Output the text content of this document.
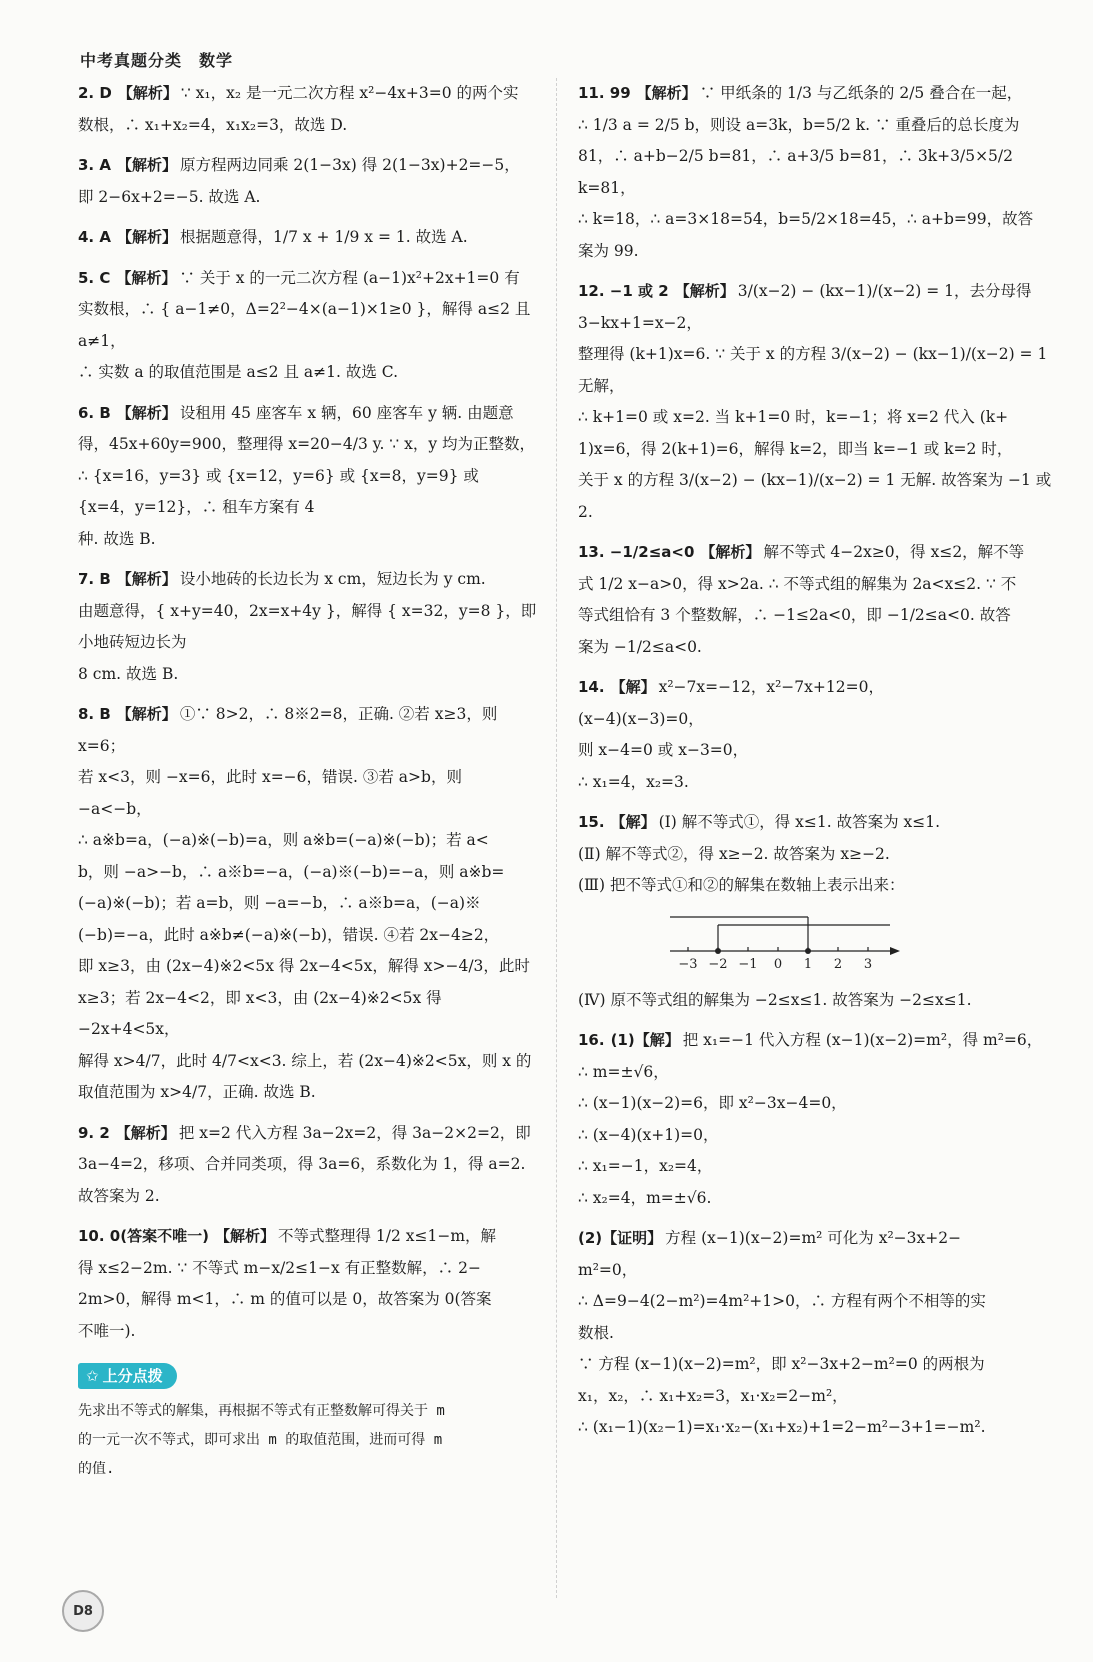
中考真题分类　数学
2. D 【解析】 ∵ x₁，x₂ 是一元二次方程 x²−4x+3=0 的两个实
数根，∴ x₁+x₂=4，x₁x₂=3，故选 D.
3. A 【解析】 原方程两边同乘 2(1−3x) 得 2(1−3x)+2=−5，
即 2−6x+2=−5. 故选 A.
4. A 【解析】 根据题意得，1/7 x + 1/9 x = 1. 故选 A.
5. C 【解析】 ∵ 关于 x 的一元二次方程 (a−1)x²+2x+1=0 有
实数根，∴ { a−1≠0，Δ=2²−4×(a−1)×1≥0 }，解得 a≤2 且 a≠1，
∴ 实数 a 的取值范围是 a≤2 且 a≠1. 故选 C.
6. B 【解析】 设租用 45 座客车 x 辆，60 座客车 y 辆. 由题意
得，45x+60y=900，整理得 x=20−4/3 y. ∵ x，y 均为正整数，
∴ {x=16，y=3} 或 {x=12，y=6} 或 {x=8，y=9} 或 {x=4，y=12}，∴ 租车方案有 4
种. 故选 B.
7. B 【解析】 设小地砖的长边长为 x cm，短边长为 y cm.
由题意得，{ x+y=40，2x=x+4y }，解得 { x=32，y=8 }，即小地砖短边长为
8 cm. 故选 B.
8. B 【解析】 ①∵ 8>2，∴ 8※2=8，正确. ②若 x≥3，则 x=6；
若 x<3，则 −x=6，此时 x=−6，错误. ③若 a>b，则 −a<−b，
∴ a※b=a，(−a)※(−b)=a，则 a※b=(−a)※(−b)；若 a<
b，则 −a>−b，∴ a※b=−a，(−a)※(−b)=−a，则 a※b=
(−a)※(−b)；若 a=b，则 −a=−b，∴ a※b=a，(−a)※
(−b)=−a，此时 a※b≠(−a)※(−b)，错误. ④若 2x−4≥2，
即 x≥3，由 (2x−4)※2<5x 得 2x−4<5x，解得 x>−4/3，此时
x≥3；若 2x−4<2，即 x<3，由 (2x−4)※2<5x 得 −2x+4<5x，
解得 x>4/7，此时 4/7<x<3. 综上，若 (2x−4)※2<5x，则 x 的
取值范围为 x>4/7，正确. 故选 B.
9. 2 【解析】 把 x=2 代入方程 3a−2x=2，得 3a−2×2=2，即
3a−4=2，移项、合并同类项，得 3a=6，系数化为 1，得 a=2.
故答案为 2.
10. 0(答案不唯一) 【解析】 不等式整理得 1/2 x≤1−m，解
得 x≤2−2m. ∵ 不等式 m−x/2≤1−x 有正整数解，∴ 2−
2m>0，解得 m<1，∴ m 的值可以是 0，故答案为 0(答案
不唯一).
✩ 上分点拨
先求出不等式的解集，再根据不等式有正整数解可得关于 m
的一元一次不等式，即可求出 m 的取值范围，进而可得 m
的值.
11. 99 【解析】 ∵ 甲纸条的 1/3 与乙纸条的 2/5 叠合在一起，
∴ 1/3 a = 2/5 b，则设 a=3k，b=5/2 k. ∵ 重叠后的总长度为
81，∴ a+b−2/5 b=81，∴ a+3/5 b=81，∴ 3k+3/5×5/2 k=81，
∴ k=18，∴ a=3×18=54，b=5/2×18=45，∴ a+b=99，故答
案为 99.
12. −1 或 2 【解析】 3/(x−2) − (kx−1)/(x−2) = 1，去分母得 3−kx+1=x−2，
整理得 (k+1)x=6. ∵ 关于 x 的方程 3/(x−2) − (kx−1)/(x−2) = 1 无解，
∴ k+1=0 或 x=2. 当 k+1=0 时，k=−1；将 x=2 代入 (k+
1)x=6，得 2(k+1)=6，解得 k=2，即当 k=−1 或 k=2 时，
关于 x 的方程 3/(x−2) − (kx−1)/(x−2) = 1 无解. 故答案为 −1 或 2.
13. −1/2≤a<0 【解析】 解不等式 4−2x≥0，得 x≤2，解不等
式 1/2 x−a>0，得 x>2a. ∴ 不等式组的解集为 2a<x≤2. ∵ 不
等式组恰有 3 个整数解，∴ −1≤2a<0，即 −1/2≤a<0. 故答
案为 −1/2≤a<0.
14. 【解】 x²−7x=−12，x²−7x+12=0，
(x−4)(x−3)=0，
则 x−4=0 或 x−3=0，
∴ x₁=4，x₂=3.
15. 【解】 (Ⅰ) 解不等式①，得 x≤1. 故答案为 x≤1.
(Ⅱ) 解不等式②，得 x≥−2. 故答案为 x≥−2.
(Ⅲ) 把不等式①和②的解集在数轴上表示出来：
−3 −2 −1 0 1 2 3
(Ⅳ) 原不等式组的解集为 −2≤x≤1. 故答案为 −2≤x≤1.
16. (1)【解】 把 x₁=−1 代入方程 (x−1)(x−2)=m²，得 m²=6，
∴ m=±√6，
∴ (x−1)(x−2)=6，即 x²−3x−4=0，
∴ (x−4)(x+1)=0，
∴ x₁=−1，x₂=4，
∴ x₂=4，m=±√6.
(2)【证明】 方程 (x−1)(x−2)=m² 可化为 x²−3x+2−
m²=0，
∴ Δ=9−4(2−m²)=4m²+1>0，∴ 方程有两个不相等的实
数根.
∵ 方程 (x−1)(x−2)=m²，即 x²−3x+2−m²=0 的两根为
x₁，x₂，∴ x₁+x₂=3，x₁·x₂=2−m²，
∴ (x₁−1)(x₂−1)=x₁·x₂−(x₁+x₂)+1=2−m²−3+1=−m².
D8
